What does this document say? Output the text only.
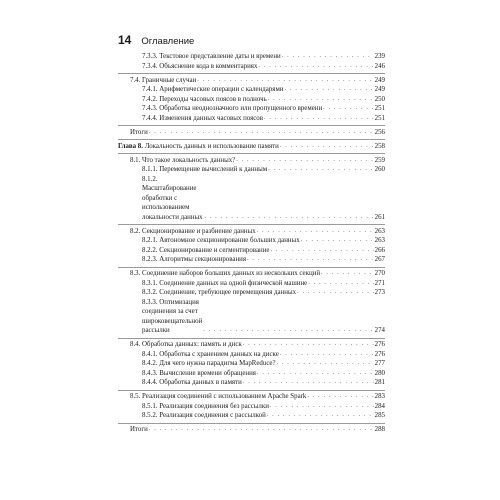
14 Оглавление
7.3.3. Текстовое представление даты и времени . . .	239
7.3.4. Объяснение кода в комментариях . . .	246
7.4. Граничные случаи . . .	249
7.4.1. Арифметические операции с календарями . . .	249
7.4.2. Переходы часовых поясов в полночь . . .	250
7.4.3. Обработка неоднозначного или пропущенного времени . . .	251
7.4.4. Изменения данных часовых поясов . . .	251
Итоги . . .	256
Глава 8. Локальность данных и использование памяти . . .	258
8.1. Что такое локальность данных? . . .	259
8.1.1. Перемещение вычислений к данным . . .	260
8.1.2. Масштабирование обработки с использованием локальности данных . . .	261
8.2. Секционирование и разбиение данных . . .	263
8.2.1. Автономное секционирование больших данных . . .	263
8.2.2. Секционирование и сегментирование . . .	266
8.2.3. Алгоритмы секционирования . . .	267
8.3. Соединение наборов больших данных из нескольких секций . . .	270
8.3.1. Соединение данных на одной физической машине . . .	271
8.3.2. Соединение, требующее перемещения данных . . .	273
8.3.3. Оптимизация соединения за счет широковещательной рассылки . . .	274
8.4. Обработка данных: память и диск . . .	276
8.4.1. Обработка с хранением данных на диске . . .	276
8.4.2. Для чего нужна парадигма MapReduce? . . .	277
8.4.3. Вычисление времени обращения . . .	280
8.4.4. Обработка данных в памяти . . .	281
8.5. Реализация соединений с использованием Apache Spark . . .	283
8.5.1. Реализация соединения без рассылки . . .	284
8.5.2. Реализация соединения с рассылкой . . .	285
Итоги . . .	288
